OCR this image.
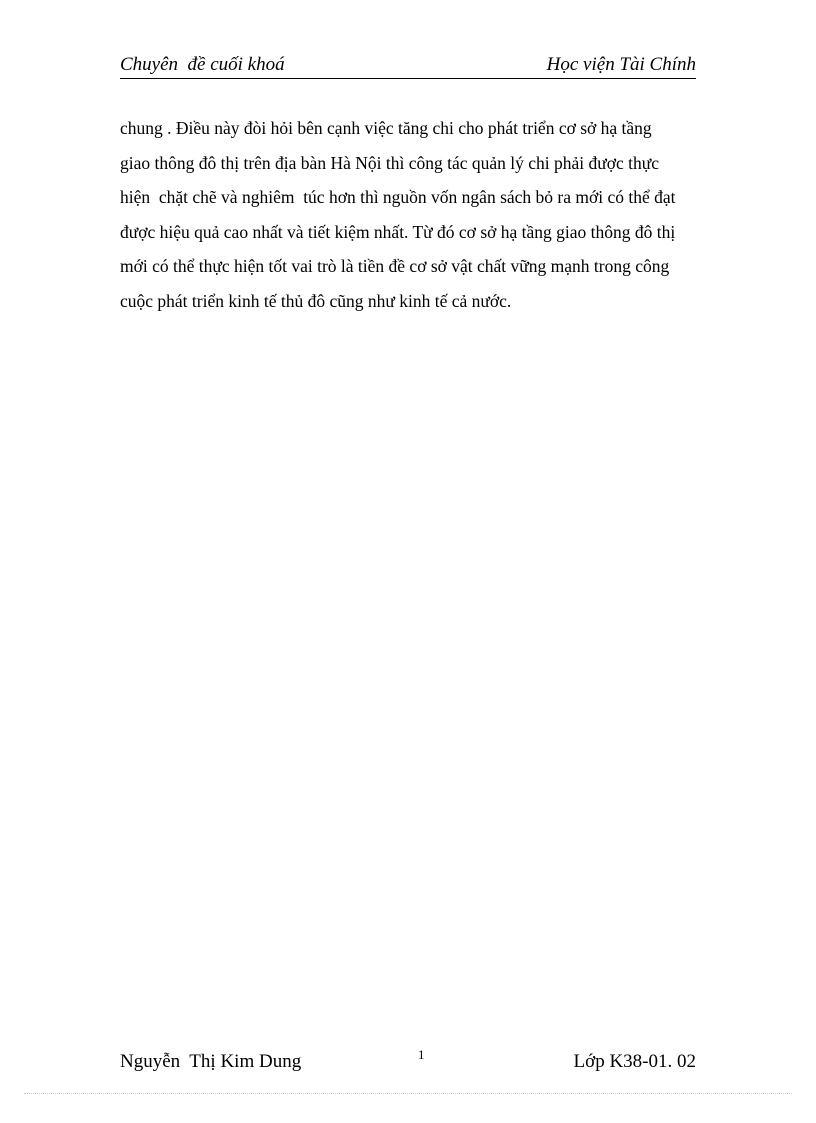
Chuyên  đề cuối khoá	Học viện Tài Chính
chung . Điều này đòi hỏi bên cạnh việc tăng chi cho phát triển cơ sở hạ tầng
giao thông đô thị trên địa bàn Hà Nội thì công tác quản lý chi phải được thực
hiện  chặt chẽ và nghiêm  túc hơn thì nguồn vốn ngân sách bỏ ra mới có thể đạt
được hiệu quả cao nhất và tiết kiệm nhất. Từ đó cơ sở hạ tầng giao thông đô thị
mới có thể thực hiện tốt vai trò là tiền đề cơ sở vật chất vững mạnh trong công
cuộc phát triển kinh tế thủ đô cũng như kinh tế cả nước.
Nguyễn  Thị Kim Dung	1	Lớp K38-01. 02
